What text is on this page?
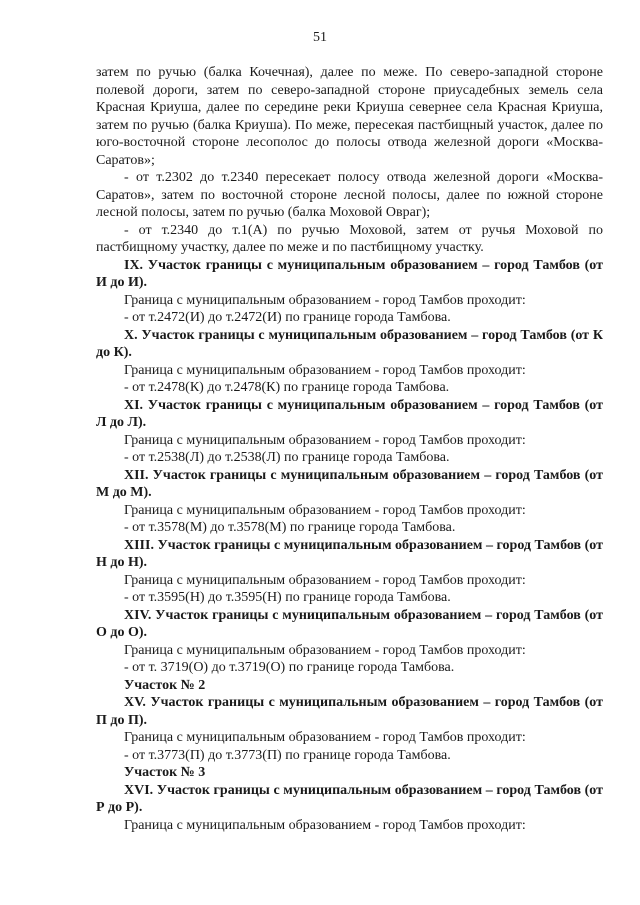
51

затем по ручью (балка Кочечная), далее по меже. По северо-западной стороне полевой дороги, затем по северо-западной стороне приусадебных земель села Красная Криуша, далее по середине реки Криуша севернее села Красная Криуша, затем по ручью (балка Криуша). По меже, пересекая пастбищный участок, далее по юго-восточной стороне лесополос до полосы отвода железной дороги «Москва-Саратов»;

- от т.2302 до т.2340 пересекает полосу отвода железной дороги «Москва-Саратов», затем по восточной стороне лесной полосы, далее по южной стороне лесной полосы, затем по ручью (балка Моховой Овраг);

- от т.2340 до т.1(А) по ручью Моховой, затем от ручья Моховой по пастбищному участку, далее по меже и по пастбищному участку.

IX. Участок границы с муниципальным образованием – город Тамбов (от И до И).

Граница с муниципальным образованием - город Тамбов проходит:

- от т.2472(И) до т.2472(И) по границе города Тамбова.

X. Участок границы с муниципальным образованием – город Тамбов (от К до К).

Граница с муниципальным образованием - город Тамбов проходит:

- от т.2478(К) до т.2478(К) по границе города Тамбова.

XI. Участок границы с муниципальным образованием – город Тамбов (от Л до Л).

Граница с муниципальным образованием - город Тамбов проходит:

- от т.2538(Л) до т.2538(Л) по границе города Тамбова.

XII. Участок границы с муниципальным образованием – город Тамбов (от М до М).

Граница с муниципальным образованием - город Тамбов проходит:

- от т.3578(М) до т.3578(М) по границе города Тамбова.

XIII. Участок границы с муниципальным образованием – город Тамбов (от Н до Н).

Граница с муниципальным образованием - город Тамбов проходит:

- от т.3595(Н) до т.3595(Н) по границе города Тамбова.

XIV. Участок границы с муниципальным образованием – город Тамбов (от О до О).

Граница с муниципальным образованием - город Тамбов проходит:

- от т. 3719(О) до т.3719(О) по границе города Тамбова.

Участок № 2

XV. Участок границы с муниципальным образованием – город Тамбов (от П до П).

Граница с муниципальным образованием - город Тамбов проходит:

- от т.3773(П) до т.3773(П) по границе города Тамбова.

Участок № 3

XVI. Участок границы с муниципальным образованием – город Тамбов (от Р до Р).

Граница с муниципальным образованием - город Тамбов проходит:
